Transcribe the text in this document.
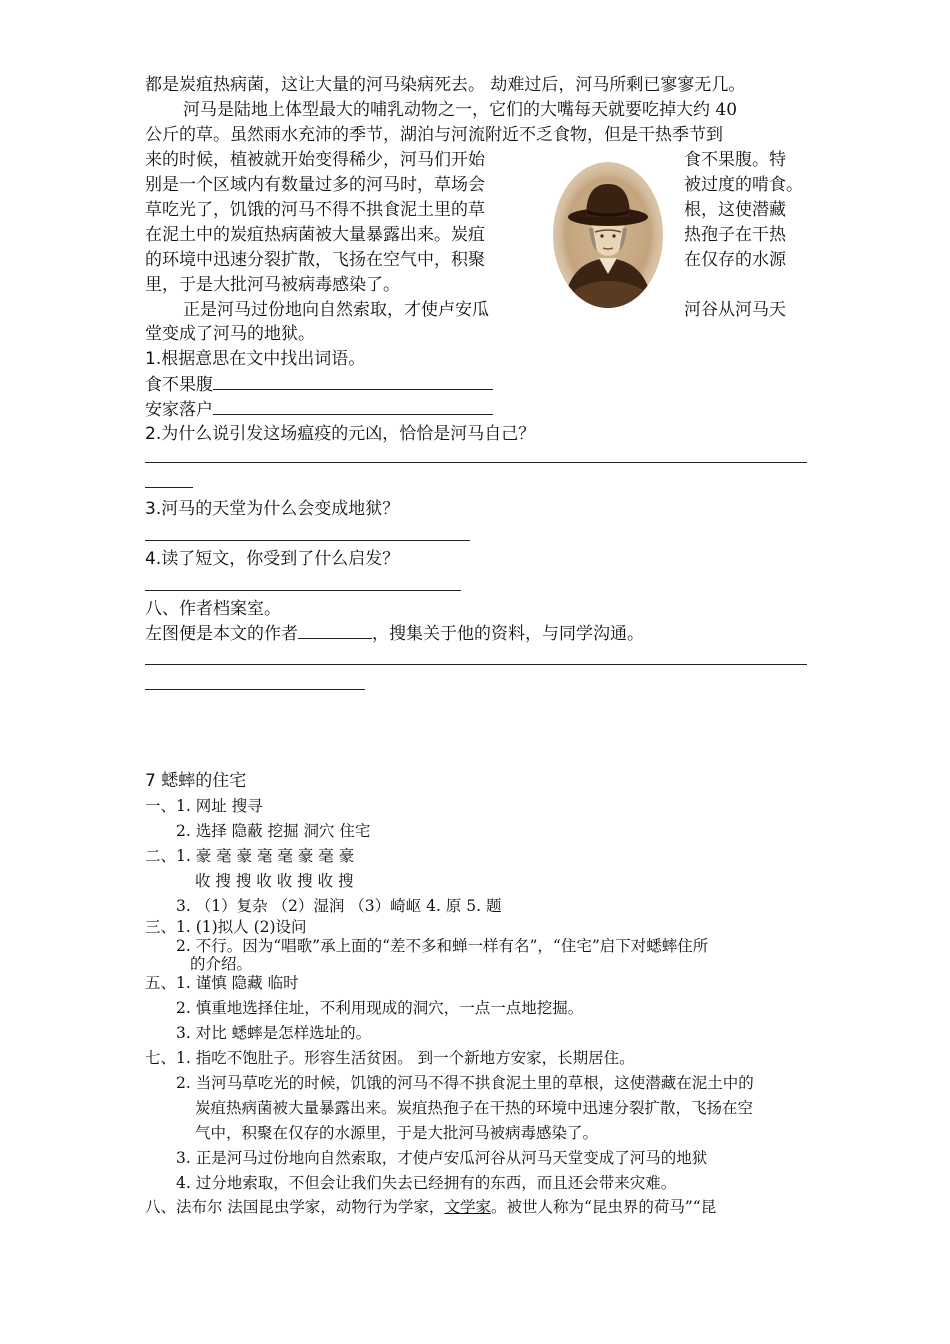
都是炭疽热病菌，这让大量的河马染病死去。 劫难过后，河马所剩已寥寥无几。
河马是陆地上体型最大的哺乳动物之一，它们的大嘴每天就要吃掉大约 40
公斤的草。虽然雨水充沛的季节，湖泊与河流附近不乏食物，但是干热季节到
来的时候，植被就开始变得稀少，河马们开始
别是一个区域内有数量过多的河马时，草场会
草吃光了，饥饿的河马不得不拱食泥土里的草
在泥土中的炭疽热病菌被大量暴露出来。炭疽
的环境中迅速分裂扩散，飞扬在空气中，积聚
里，于是大批河马被病毒感染了。
正是河马过份地向自然索取，才使卢安瓜
食不果腹。特
被过度的啃食。
根，这使潜藏
热孢子在干热
在仅存的水源
河谷从河马天
堂变成了河马的地狱。
1.根据意思在文中找出词语。
食不果腹
安家落户
2.为什么说引发这场瘟疫的元凶，恰恰是河马自己？
3.河马的天堂为什么会变成地狱？
4.读了短文，你受到了什么启发？
八、作者档案室。
左图便是本文的作者	，搜集关于他的资料，与同学沟通。
7 蟋蟀的住宅
一、1. 网址 搜寻
2. 选择 隐蔽 挖掘 洞穴 住宅
二、1. 豪 毫 豪 毫 毫 豪 毫 豪
收 搜 搜 收 收 搜 收 搜
3. （1）复杂 （2）湿润 （3）崎岖 4. 原 5. 题
三、1. (1)拟人 (2)设问
2. 不行。因为“唱歌”承上面的“差不多和蝉一样有名”，“住宅”启下对蟋蟀住所
的介绍。
五、1. 谨慎 隐藏 临时
2. 慎重地选择住址，不利用现成的洞穴，一点一点地挖掘。
3. 对比 蟋蟀是怎样选址的。
七、1. 指吃不饱肚子。形容生活贫困。 到一个新地方安家，长期居住。
2. 当河马草吃光的时候，饥饿的河马不得不拱食泥土里的草根，这使潜藏在泥土中的
炭疽热病菌被大量暴露出来。炭疽热孢子在干热的环境中迅速分裂扩散，飞扬在空
气中，积聚在仅存的水源里，于是大批河马被病毒感染了。
3. 正是河马过份地向自然索取，才使卢安瓜河谷从河马天堂变成了河马的地狱
4. 过分地索取，不但会让我们失去已经拥有的东西，而且还会带来灾难。
八、法布尔 法国昆虫学家，动物行为学家，文学家。被世人称为“昆虫界的荷马”“昆
